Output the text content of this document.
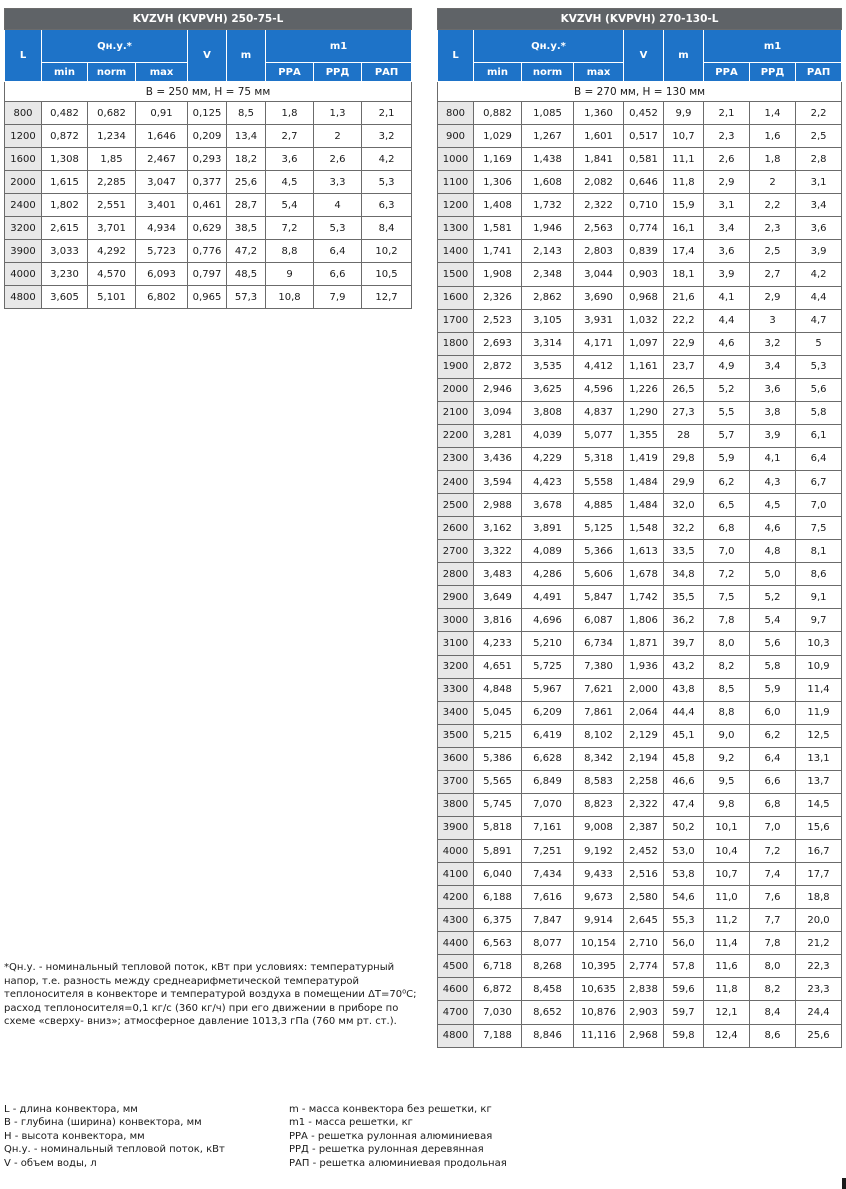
KVZVH (KVPVH) 250-75-L								
L	Qн.у.*			V	m	m1		
	min	norm	max			РРА	РРД	РАП
B = 250 мм, H = 75 мм								
800	0,482	0,682	0,91	0,125	8,5	1,8	1,3	2,1
1200	0,872	1,234	1,646	0,209	13,4	2,7	2	3,2
1600	1,308	1,85	2,467	0,293	18,2	3,6	2,6	4,2
2000	1,615	2,285	3,047	0,377	25,6	4,5	3,3	5,3
2400	1,802	2,551	3,401	0,461	28,7	5,4	4	6,3
3200	2,615	3,701	4,934	0,629	38,5	7,2	5,3	8,4
3900	3,033	4,292	5,723	0,776	47,2	8,8	6,4	10,2
4000	3,230	4,570	6,093	0,797	48,5	9	6,6	10,5
4800	3,605	5,101	6,802	0,965	57,3	10,8	7,9	12,7
KVZVH (KVPVH) 270-130-L								
L	Qн.у.*			V	m	m1		
	min	norm	max			РРА	РРД	РАП
B = 270 мм, H = 130 мм								
800	0,882	1,085	1,360	0,452	9,9	2,1	1,4	2,2
900	1,029	1,267	1,601	0,517	10,7	2,3	1,6	2,5
1000	1,169	1,438	1,841	0,581	11,1	2,6	1,8	2,8
1100	1,306	1,608	2,082	0,646	11,8	2,9	2	3,1
1200	1,408	1,732	2,322	0,710	15,9	3,1	2,2	3,4
1300	1,581	1,946	2,563	0,774	16,1	3,4	2,3	3,6
1400	1,741	2,143	2,803	0,839	17,4	3,6	2,5	3,9
1500	1,908	2,348	3,044	0,903	18,1	3,9	2,7	4,2
1600	2,326	2,862	3,690	0,968	21,6	4,1	2,9	4,4
1700	2,523	3,105	3,931	1,032	22,2	4,4	3	4,7
1800	2,693	3,314	4,171	1,097	22,9	4,6	3,2	5
1900	2,872	3,535	4,412	1,161	23,7	4,9	3,4	5,3
2000	2,946	3,625	4,596	1,226	26,5	5,2	3,6	5,6
2100	3,094	3,808	4,837	1,290	27,3	5,5	3,8	5,8
2200	3,281	4,039	5,077	1,355	28	5,7	3,9	6,1
2300	3,436	4,229	5,318	1,419	29,8	5,9	4,1	6,4
2400	3,594	4,423	5,558	1,484	29,9	6,2	4,3	6,7
2500	2,988	3,678	4,885	1,484	32,0	6,5	4,5	7,0
2600	3,162	3,891	5,125	1,548	32,2	6,8	4,6	7,5
2700	3,322	4,089	5,366	1,613	33,5	7,0	4,8	8,1
2800	3,483	4,286	5,606	1,678	34,8	7,2	5,0	8,6
2900	3,649	4,491	5,847	1,742	35,5	7,5	5,2	9,1
3000	3,816	4,696	6,087	1,806	36,2	7,8	5,4	9,7
3100	4,233	5,210	6,734	1,871	39,7	8,0	5,6	10,3
3200	4,651	5,725	7,380	1,936	43,2	8,2	5,8	10,9
3300	4,848	5,967	7,621	2,000	43,8	8,5	5,9	11,4
3400	5,045	6,209	7,861	2,064	44,4	8,8	6,0	11,9
3500	5,215	6,419	8,102	2,129	45,1	9,0	6,2	12,5
3600	5,386	6,628	8,342	2,194	45,8	9,2	6,4	13,1
3700	5,565	6,849	8,583	2,258	46,6	9,5	6,6	13,7
3800	5,745	7,070	8,823	2,322	47,4	9,8	6,8	14,5
3900	5,818	7,161	9,008	2,387	50,2	10,1	7,0	15,6
4000	5,891	7,251	9,192	2,452	53,0	10,4	7,2	16,7
4100	6,040	7,434	9,433	2,516	53,8	10,7	7,4	17,7
4200	6,188	7,616	9,673	2,580	54,6	11,0	7,6	18,8
4300	6,375	7,847	9,914	2,645	55,3	11,2	7,7	20,0
4400	6,563	8,077	10,154	2,710	56,0	11,4	7,8	21,2
4500	6,718	8,268	10,395	2,774	57,8	11,6	8,0	22,3
4600	6,872	8,458	10,635	2,838	59,6	11,8	8,2	23,3
4700	7,030	8,652	10,876	2,903	59,7	12,1	8,4	24,4
4800	7,188	8,846	11,116	2,968	59,8	12,4	8,6	25,6
*Qн.у. - номинальный тепловой поток, кВт при условиях: температурный
напор, т.е. разность между среднеарифметической температурой
теплоносителя в конвекторе и температурой воздуха в помещении ΔT=70⁰С;
расход теплоносителя=0,1 кг/с (360 кг/ч) при его движении в приборе по
схеме «сверху- вниз»; атмосферное давление 1013,3 гПа (760 мм рт. ст.).
L - длина конвектора, мм
B - глубина (ширина) конвектора, мм
H - высота конвектора, мм
Qн.у. - номинальный тепловой поток, кВт
V - объем воды, л
m - масса конвектора без решетки, кг
m1 - масса решетки, кг
РРА - решетка рулонная алюминиевая
РРД - решетка рулонная деревянная
РАП - решетка алюминиевая продольная
